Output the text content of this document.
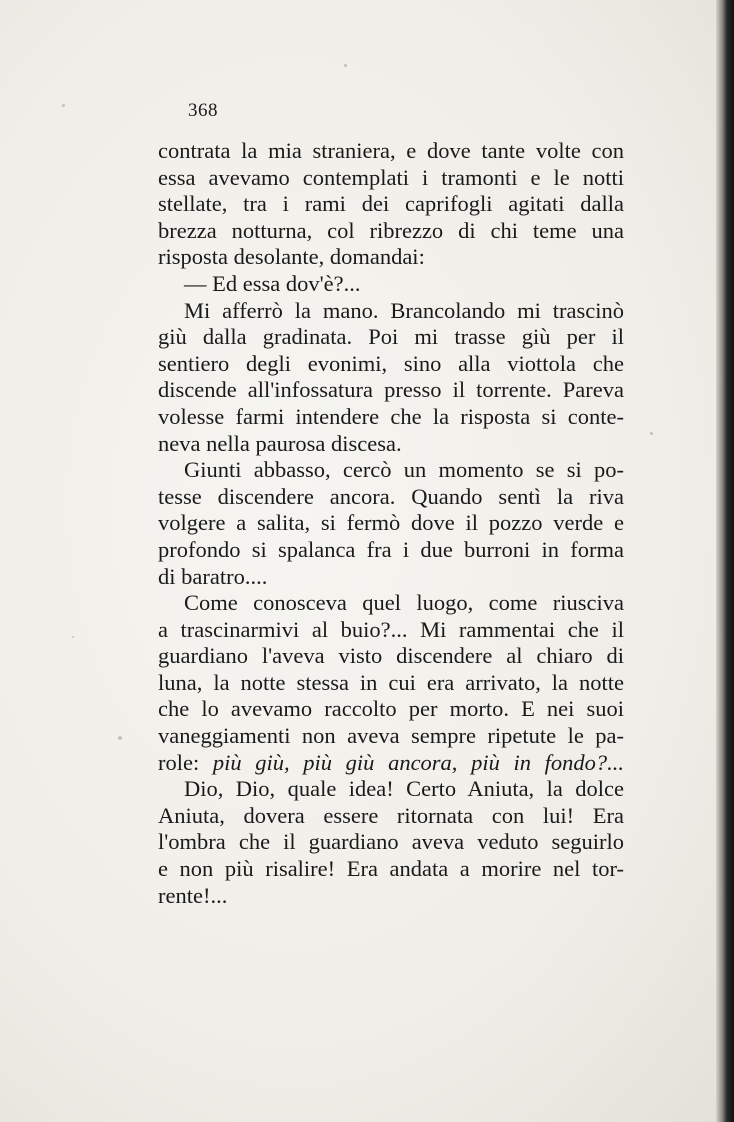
368
contrata la mia straniera, e dove tante volte con
essa avevamo contemplati i tramonti e le notti
stellate, tra i rami dei caprifogli agitati dalla
brezza notturna, col ribrezzo di chi teme una
risposta desolante, domandai:
— Ed essa dov'è?...
Mi afferrò la mano. Brancolando mi trascinò
giù dalla gradinata. Poi mi trasse giù per il
sentiero degli evonimi, sino alla viottola che
discende all'infossatura presso il torrente. Pareva
volesse farmi intendere che la risposta si conte-
neva nella paurosa discesa.
Giunti abbasso, cercò un momento se si po-
tesse discendere ancora. Quando sentì la riva
volgere a salita, si fermò dove il pozzo verde e
profondo si spalanca fra i due burroni in forma
di baratro....
Come conosceva quel luogo, come riusciva
a trascinarmivi al buio?... Mi rammentai che il
guardiano l'aveva visto discendere al chiaro di
luna, la notte stessa in cui era arrivato, la notte
che lo avevamo raccolto per morto. E nei suoi
vaneggiamenti non aveva sempre ripetute le pa-
role: più giù, più giù ancora, più in fondo?...
Dio, Dio, quale idea! Certo Aniuta, la dolce
Aniuta, dovera essere ritornata con lui! Era
l'ombra che il guardiano aveva veduto seguirlo
e non più risalire! Era andata a morire nel tor-
rente!...
